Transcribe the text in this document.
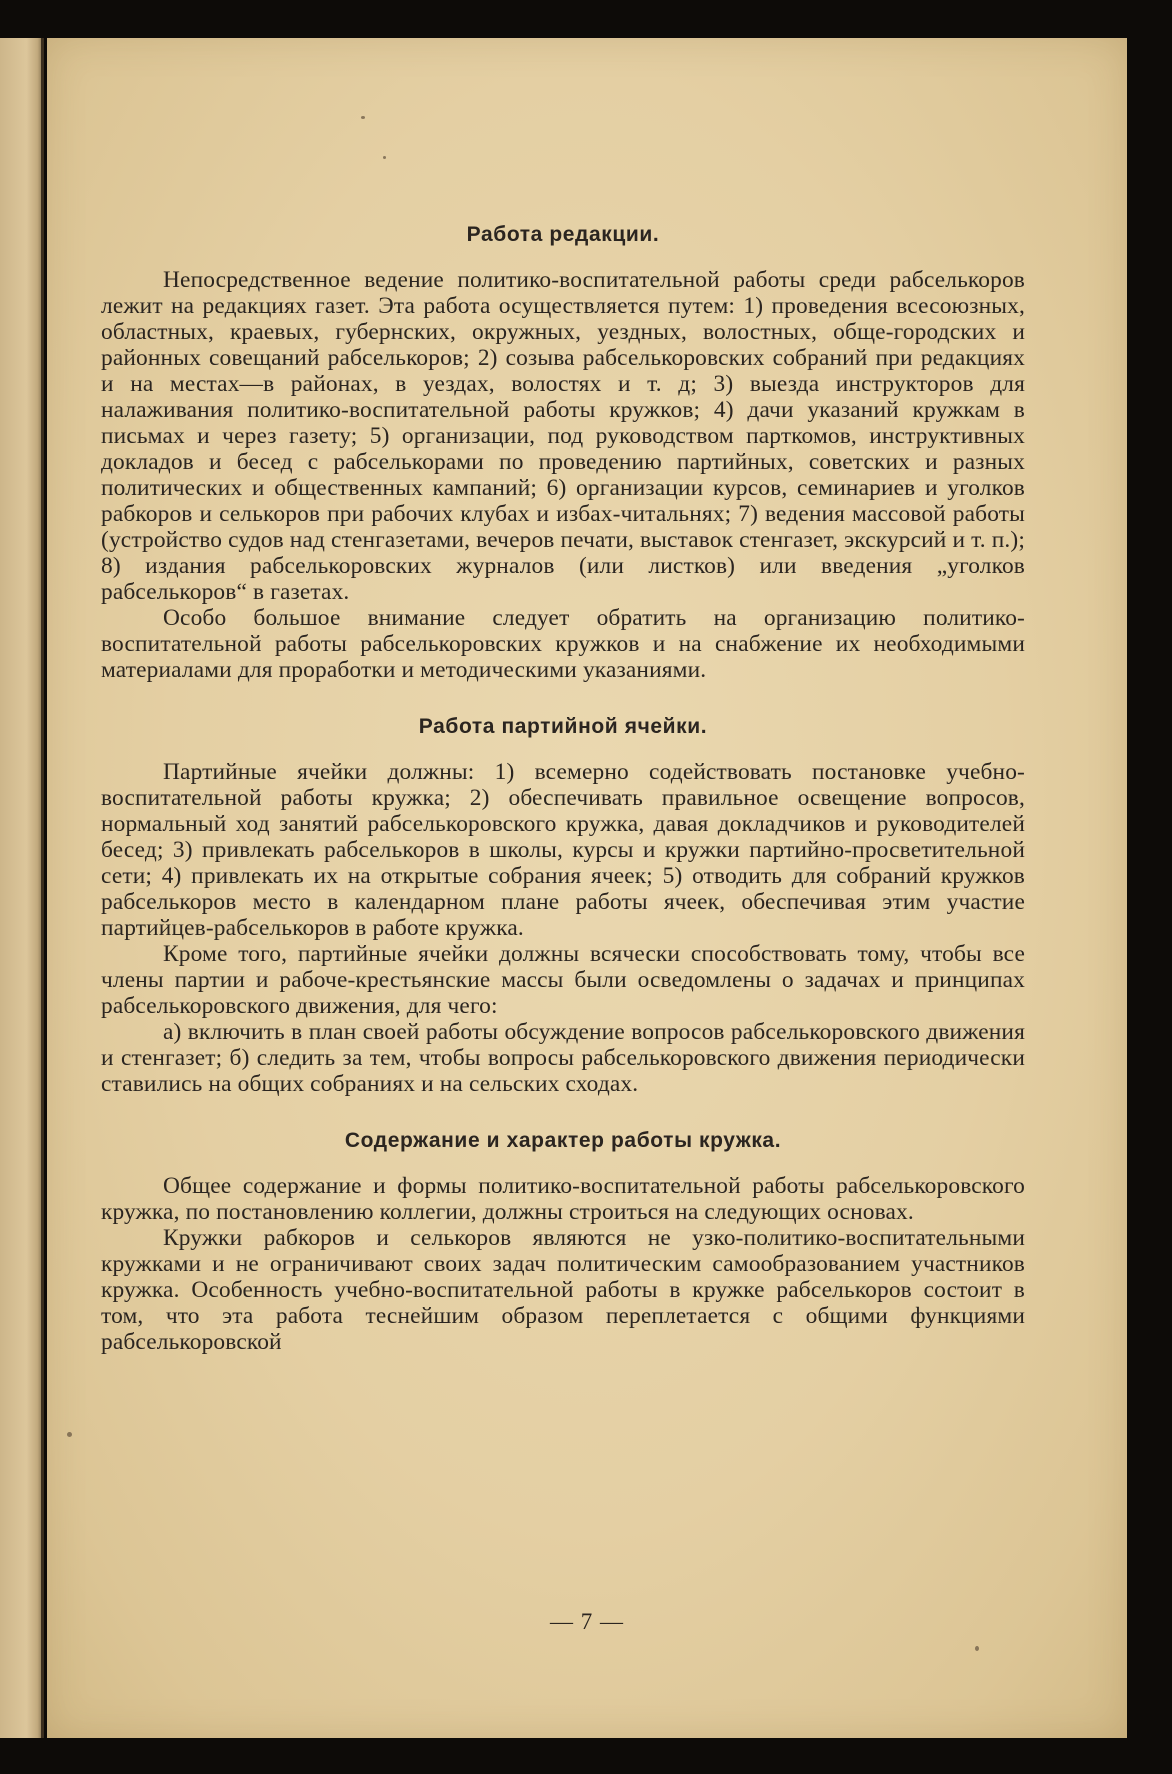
Работа редакции.

Непосредственное ведение политико-воспитательной работы среди рабселькоров лежит на редакциях газет. Эта работа осуществляется путем: 1) проведения всесоюзных, областных, краевых, губернских, окружных, уездных, волостных, обще-городских и районных совещаний рабселькоров; 2) созыва рабселькоровских собраний при редакциях и на местах—в районах, в уездах, волостях и т. д; 3) выезда инструкторов для налаживания политико-воспитательной работы кружков; 4) дачи указаний кружкам в письмах и через газету; 5) организации, под руководством парткомов, инструктивных докладов и бесед с рабселькорами по проведению партийных, советских и разных политических и общественных кампаний; 6) организации курсов, семинариев и уголков рабкоров и селькоров при рабочих клубах и избах-читальнях; 7) ведения массовой работы (устройство судов над стенгазетами, вечеров печати, выставок стенгазет, экскурсий и т. п.); 8) издания рабселькоровских журналов (или листков) или введения „уголков рабселькоров“ в газетах.

Особо большое внимание следует обратить на организацию политико-воспитательной работы рабселькоровских кружков и на снабжение их необходимыми материалами для проработки и методическими указаниями.

Работа партийной ячейки.

Партийные ячейки должны: 1) всемерно содействовать постановке учебно-воспитательной работы кружка; 2) обеспечивать правильное освещение вопросов, нормальный ход занятий рабселькоровского кружка, давая докладчиков и руководителей бесед; 3) привлекать рабселькоров в школы, курсы и кружки партийно-просветительной сети; 4) привлекать их на открытые собрания ячеек; 5) отводить для собраний кружков рабселькоров место в календарном плане работы ячеек, обеспечивая этим участие партийцев-рабселькоров в работе кружка.

Кроме того, партийные ячейки должны всячески способствовать тому, чтобы все члены партии и рабоче-крестьянские массы были осведомлены о задачах и принципах рабселькоровского движения, для чего:

а) включить в план своей работы обсуждение вопросов рабселькоровского движения и стенгазет; б) следить за тем, чтобы вопросы рабселькоровского движения периодически ставились на общих собраниях и на сельских сходах.

Содержание и характер работы кружка.

Общее содержание и формы политико-воспитательной работы рабселькоровского кружка, по постановлению коллегии, должны строиться на следующих основах.

Кружки рабкоров и селькоров являются не узко-политико-воспитательными кружками и не ограничивают своих задач политическим самообразованием участников кружка. Особенность учебно-воспитательной работы в кружке рабселькоров состоит в том, что эта работа теснейшим образом переплетается с общими функциями рабселькоровской

— 7 —
